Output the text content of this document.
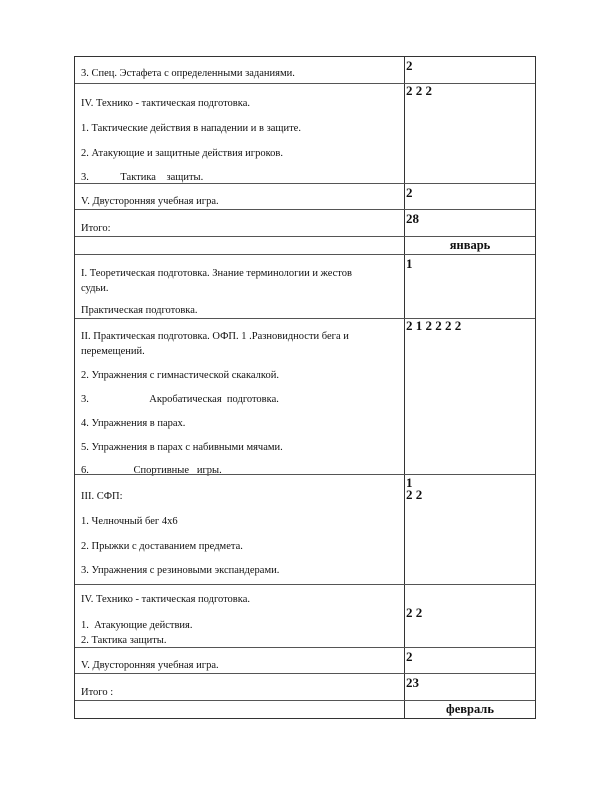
3. Спец. Эстафета с определенными заданиями.
2
IV. Технико - тактическая подготовка.
1. Тактические действия в нападении и в защите.
2. Атакующие и защитные действия игроков.
3.            Тактика    защиты.
2 2 2
V. Двусторонняя учебная игра.
2
Итого:
28
январь
I. Теоретическая подготовка. Знание терминологии и жестов
судьи.
Практическая подготовка.
1
II. Практическая подготовка. ОФП. 1 .Разновидности бега и
перемещений.
2. Упражнения с гимнастической скакалкой.
3.                       Акробатическая  подготовка.
4. Упражнения в парах.
5. Упражнения в парах с набивными мячами.
6.                 Спортивные   игры.
2 1 2 2 2 2
III. СФП:
1. Челночный бег 4х6
2. Прыжки с доставанием предмета.
3. Упражнения с резиновыми экспандерами.
1
2 2
IV. Технико - тактическая подготовка.
1.  Атакующие действия.
2. Тактика защиты.
2 2
V. Двусторонняя учебная игра.
2
Итого :
23
февраль
